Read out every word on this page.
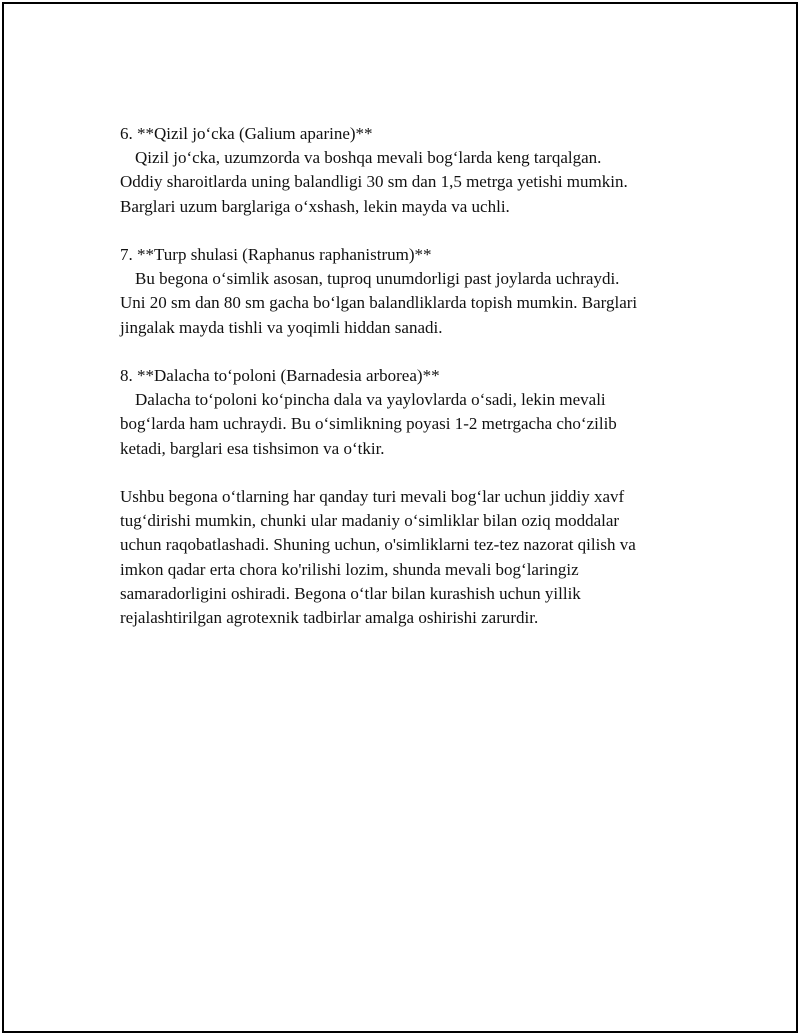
6. **Qizil jo‘cka (Galium aparine)**
Qizil jo‘cka, uzumzorda va boshqa mevali bog‘larda keng tarqalgan.
Oddiy sharoitlarda uning balandligi 30 sm dan 1,5 metrga yetishi mumkin.
Barglari uzum barglariga o‘xshash, lekin mayda va uchli.
7. **Turp shulasi (Raphanus raphanistrum)**
Bu begona o‘simlik asosan, tuproq unumdorligi past joylarda uchraydi.
Uni 20 sm dan 80 sm gacha bo‘lgan balandliklarda topish mumkin. Barglari
jingalak mayda tishli va yoqimli hiddan sanadi.
8. **Dalacha to‘poloni (Barnadesia arborea)**
Dalacha to‘poloni ko‘pincha dala va yaylovlarda o‘sadi, lekin mevali
bog‘larda ham uchraydi. Bu o‘simlikning poyasi 1-2 metrgacha cho‘zilib
ketadi, barglari esa tishsimon va o‘tkir.
Ushbu begona o‘tlarning har qanday turi mevali bog‘lar uchun jiddiy xavf
tug‘dirishi mumkin, chunki ular madaniy o‘simliklar bilan oziq moddalar
uchun raqobatlashadi. Shuning uchun, o'simliklarni tez-tez nazorat qilish va
imkon qadar erta chora ko'rilishi lozim, shunda mevali bog‘laringiz
samaradorligini oshiradi. Begona o‘tlar bilan kurashish uchun yillik
rejalashtirilgan agrotexnik tadbirlar amalga oshirishi zarurdir.
